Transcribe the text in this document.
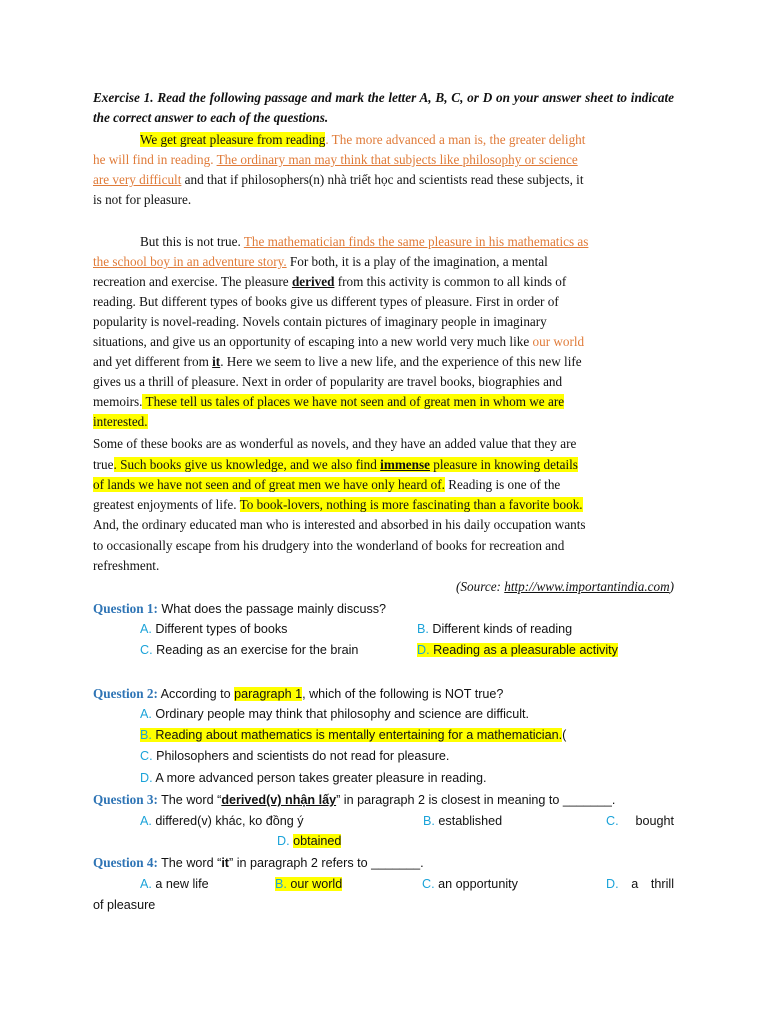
Exercise 1. Read the following passage and mark the letter A, B, C, or D on your answer sheet to indicate the correct answer to each of the questions.
We get great pleasure from reading. The more advanced a man is, the greater delight
he will find in reading. The ordinary man may think that subjects like philosophy or science
are very difficult and that if philosophers(n) nhà triết học and scientists read these subjects, it
is not for pleasure.
But this is not true. The mathematician finds the same pleasure in his mathematics as
the school boy in an adventure story. For both, it is a play of the imagination, a mental
recreation and exercise. The pleasure derived from this activity is common to all kinds of
reading. But different types of books give us different types of pleasure. First in order of
popularity is novel-reading. Novels contain pictures of imaginary people in imaginary
situations, and give us an opportunity of escaping into a new world very much like our world
and yet different from it. Here we seem to live a new life, and the experience of this new life
gives us a thrill of pleasure. Next in order of popularity are travel books, biographies and
memoirs. These tell us tales of places we have not seen and of great men in whom we are
interested.
Some of these books are as wonderful as novels, and they have an added value that they are
true. Such books give us knowledge, and we also find immense pleasure in knowing details
of lands we have not seen and of great men we have only heard of. Reading is one of the
greatest enjoyments of life. To book-lovers, nothing is more fascinating than a favorite book.
And, the ordinary educated man who is interested and absorbed in his daily occupation wants
to occasionally escape from his drudgery into the wonderland of books for recreation and
refreshment.
(Source: http://www.importantindia.com)
Question 1: What does the passage mainly discuss?
A. Different types of books	B. Different kinds of reading
C. Reading as an exercise for the brain	D. Reading as a pleasurable activity
Question 2: According to paragraph 1, which of the following is NOT true?
A. Ordinary people may think that philosophy and science are difficult.
B. Reading about mathematics is mentally entertaining for a mathematician.(
C. Philosophers and scientists do not read for pleasure.
D. A more advanced person takes greater pleasure in reading.
Question 3: The word “derived(v) nhận lấy” in paragraph 2 is closest in meaning to _______.
A. differed(v) khác, ko đồng ý	B. established	C. bought
D. obtained
Question 4: The word “it” in paragraph 2 refers to _______.
A. a new life	B. our world	C. an opportunity	D. a thrill
of pleasure
